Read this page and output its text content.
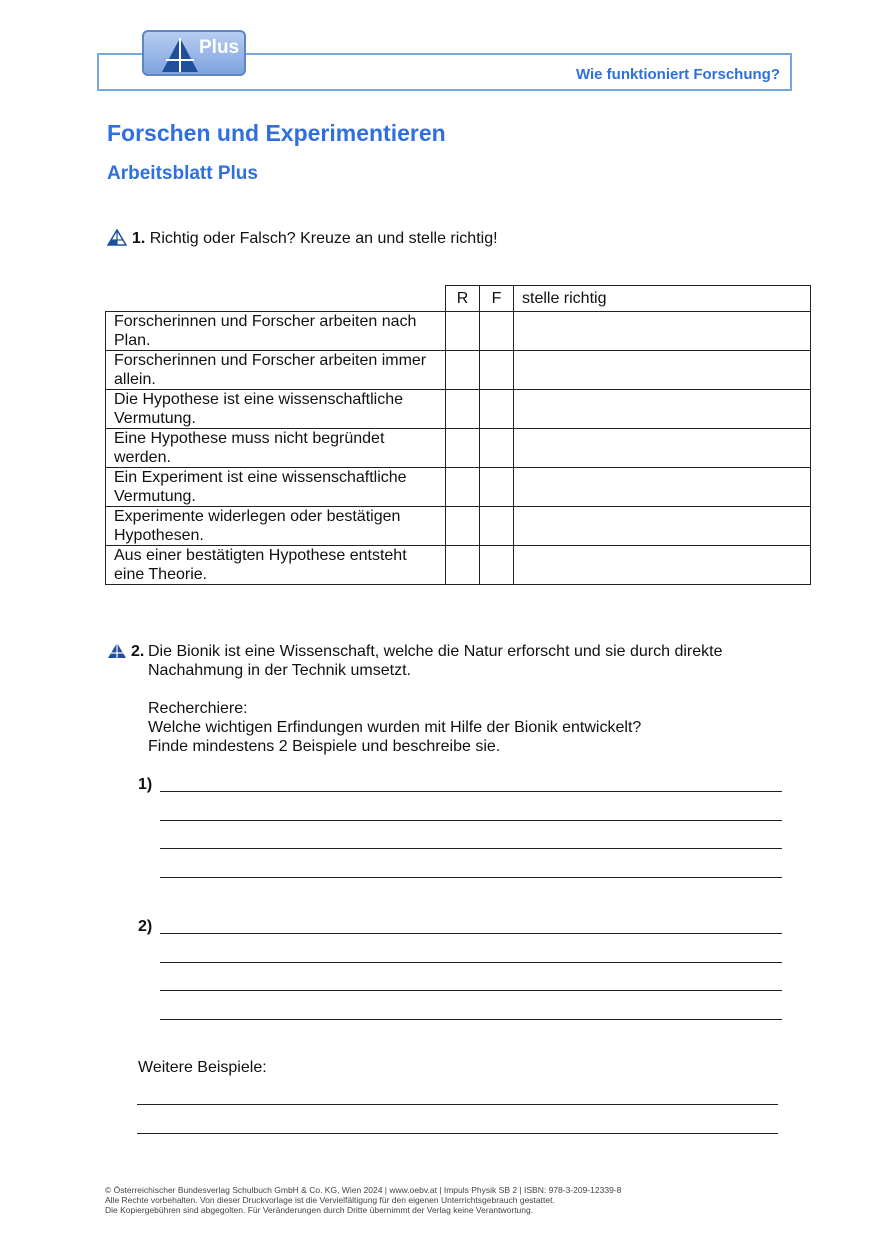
Wie funktioniert Forschung?
Plus
Forschen und Experimentieren
Arbeitsblatt Plus
1. Richtig oder Falsch? Kreuze an und stelle richtig!
	R	F	stelle richtig
Forscherinnen und Forscher arbeiten nach Plan.			
Forscherinnen und Forscher arbeiten immer allein.			
Die Hypothese ist eine wissenschaftliche Vermutung.			
Eine Hypothese muss nicht begründet werden.			
Ein Experiment ist eine wissenschaftliche Vermutung.			
Experimente widerlegen oder bestätigen Hypothesen.			
Aus einer bestätigten Hypothese entsteht eine Theorie.			
2. Die Bionik ist eine Wissenschaft, welche die Natur erforscht und sie durch direkte Nachahmung in der Technik umsetzt.
Recherchiere:
Welche wichtigen Erfindungen wurden mit Hilfe der Bionik entwickelt?
Finde mindestens 2 Beispiele und beschreibe sie.
1)
2)
Weitere Beispiele:
© Österreichischer Bundesverlag Schulbuch GmbH & Co. KG, Wien 2024 | www.oebv.at | Impuls Physik SB 2 | ISBN: 978-3-209-12339-8
Alle Rechte vorbehalten. Von dieser Druckvorlage ist die Vervielfältigung für den eigenen Unterrichtsgebrauch gestattet.
Die Kopiergebühren sind abgegolten. Für Veränderungen durch Dritte übernimmt der Verlag keine Verantwortung.
